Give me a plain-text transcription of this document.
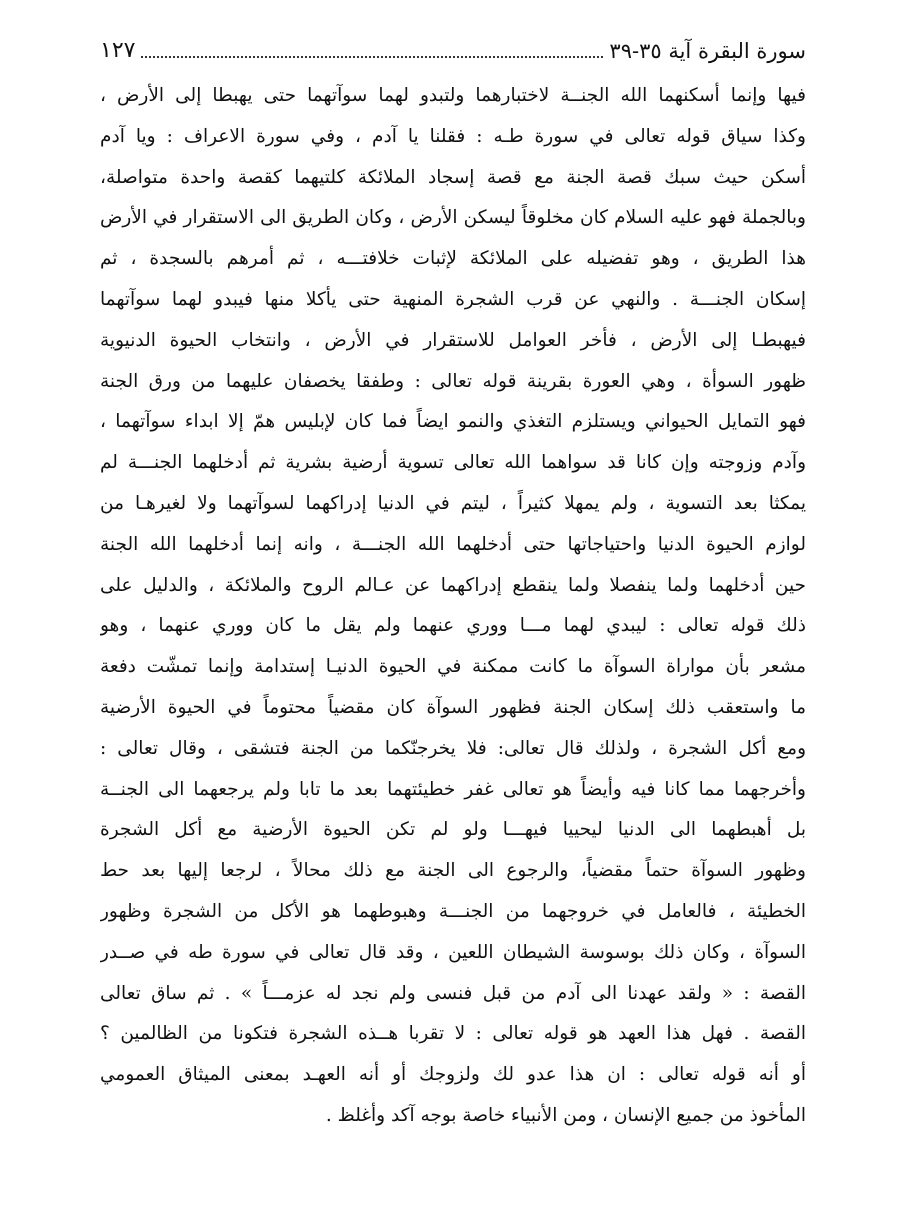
سورة البقرة آية ٣٥-٣٩
١٢٧
فيها وإنما أسكنهما الله الجنــة لاختبارهما ولتبدو لهما سوآتهما حتى يهبطا إلى الأرض ،
وكذا سياق قوله تعالى في سورة طـه : فقلنا يا آدم ، وفي سورة الاعراف : ويا آدم
أسكن حيث سبك قصة الجنة مع قصة إسجاد الملائكة كلتيهما كقصة واحدة متواصلة،
وبالجملة فهو عليه السلام كان مخلوقاً ليسكن الأرض ، وكان الطريق الى الاستقرار في الأرض
هذا الطريق ، وهو تفضيله على الملائكة لإثبات خلافتـــه ، ثم أمرهم بالسجدة ، ثم
إسكان الجنـــة . والنهي عن قرب الشجرة المنهية حتى يأكلا منها فيبدو لهما سوآتهما
فيهبطـا إلى الأرض ، فأخر العوامل للاستقرار في الأرض ، وانتخاب الحيوة الدنيوية
ظهور السوأة ، وهي العورة بقرينة قوله تعالى : وطفقا يخصفان عليهما من ورق الجنة
فهو التمايل الحيواني ويستلزم التغذي والنمو ايضاً فما كان لإبليس همّ إلا ابداء سوآتهما ،
وآدم وزوجته وإن كانا قد سواهما الله تعالى تسوية أرضية بشرية ثم أدخلهما الجنـــة لم
يمكثا بعد التسوية ، ولم يمهلا كثيراً ، ليتم في الدنيا إدراكهما لسوآتهما ولا لغيرهـا من
لوازم الحيوة الدنيا واحتياجاتها حتى أدخلهما الله الجنـــة ، وانه إنما أدخلهما الله الجنة
حين أدخلهما ولما ينفصلا ولما ينقطع إدراكهما عن عـالم الروح والملائكة ، والدليل على
ذلك قوله تعالى : ليبدي لهما مـــا ووري عنهما ولم يقل ما كان ووري عنهما ، وهو
مشعر بأن مواراة السوآة ما كانت ممكنة في الحيوة الدنيـا إستدامة وإنما تمشّت دفعة
ما واستعقب ذلك إسكان الجنة فظهور السوآة كان مقضياً محتوماً في الحيوة الأرضية
ومع أكل الشجرة ، ولذلك قال تعالى: فلا يخرجنّكما من الجنة فتشقى ، وقال تعالى :
وأخرجهما مما كانا فيه وأيضاً هو تعالى غفر خطيئتهما بعد ما تابا ولم يرجعهما الى الجنــة
بل أهبطهما الى الدنيا ليحييا فيهـــا ولو لم تكن الحيوة الأرضية مع أكل الشجرة
وظهور السوآة حتماً مقضياً، والرجوع الى الجنة مع ذلك محالاً ، لرجعا إليها بعد حط
الخطيئة ، فالعامل في خروجهما من الجنـــة وهبوطهما هو الأكل من الشجرة وظهور
السوآة ، وكان ذلك بوسوسة الشيطان اللعين ، وقد قال تعالى في سورة طه في صــدر
القصة : « ولقد عهدنا الى آدم من قبل فنسى ولم نجد له عزمـــاً » . ثم ساق تعالى
القصة . فهل هذا العهد هو قوله تعالى : لا تقربا هــذه الشجرة فتكونا من الظالمين ؟
أو أنه قوله تعالى : ان هذا عدو لك ولزوجك أو أنه العهـد بمعنى الميثاق العمومي
المأخوذ من جميع الإنسان ، ومن الأنبياء خاصة بوجه آكد وأغلظ .
